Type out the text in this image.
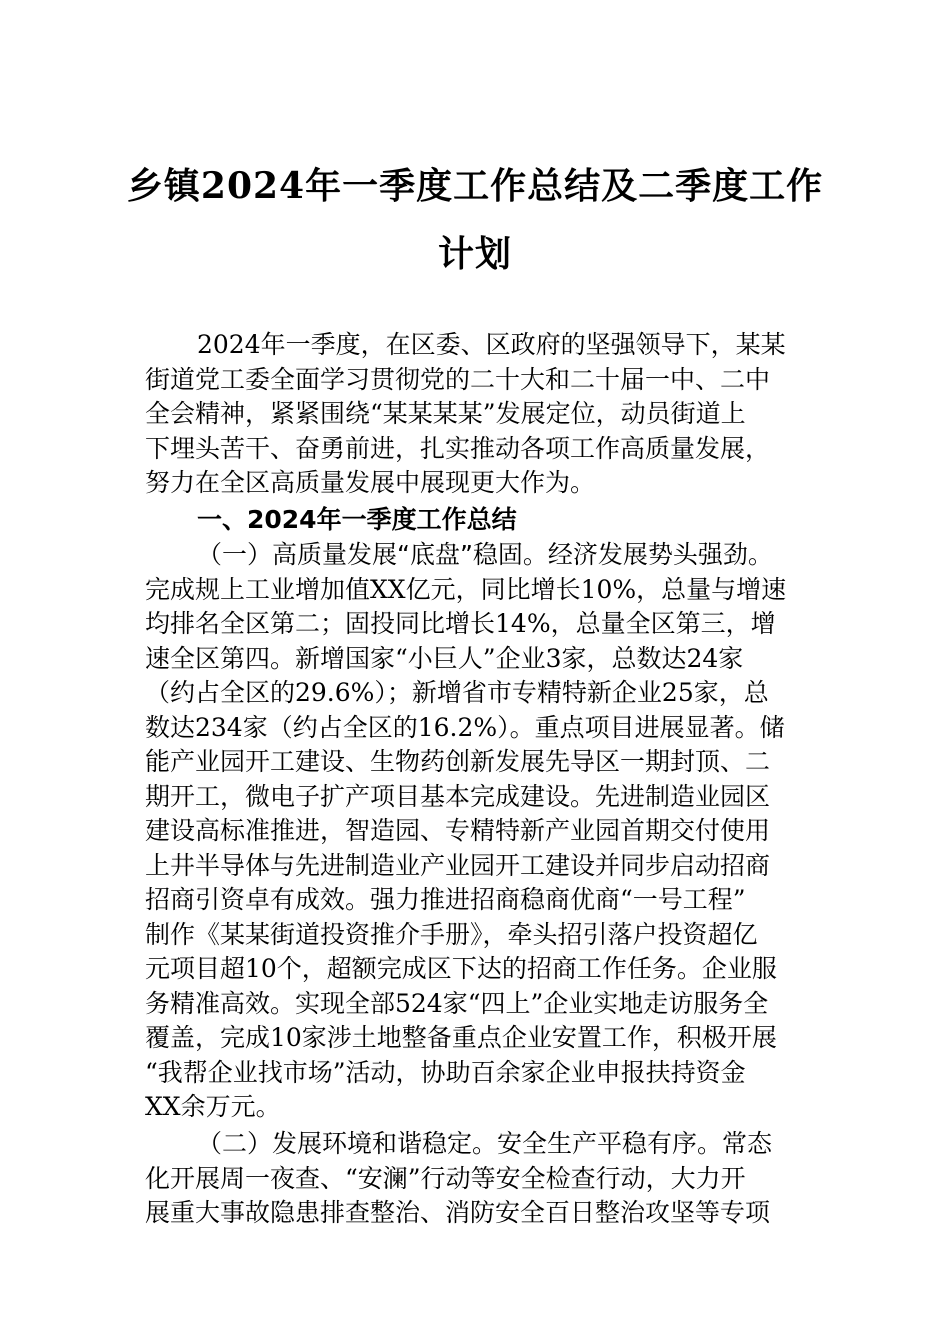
乡镇2024年一季度工作总结及二季度工作
计划
2024年一季度，在区委、区政府的坚强领导下，某某
街道党工委全面学习贯彻党的二十大和二十届一中、二中
全会精神，紧紧围绕“某某某某”发展定位，动员街道上
下埋头苦干、奋勇前进，扎实推动各项工作高质量发展，
努力在全区高质量发展中展现更大作为。
一、2024年一季度工作总结
（一）高质量发展“底盘”稳固。经济发展势头强劲。
完成规上工业增加值XX亿元，同比增长10%，总量与增速
均排名全区第二；固投同比增长14%，总量全区第三，增
速全区第四。新增国家“小巨人”企业3家，总数达24家
（约占全区的29.6%）；新增省市专精特新企业25家，总
数达234家（约占全区的16.2%）。重点项目进展显著。储
能产业园开工建设、生物药创新发展先导区一期封顶、二
期开工，微电子扩产项目基本完成建设。先进制造业园区
建设高标准推进，智造园、专精特新产业园首期交付使用
上井半导体与先进制造业产业园开工建设并同步启动招商
招商引资卓有成效。强力推进招商稳商优商“一号工程”
制作《某某街道投资推介手册》，牵头招引落户投资超亿
元项目超10个，超额完成区下达的招商工作任务。企业服
务精准高效。实现全部524家“四上”企业实地走访服务全
覆盖，完成10家涉土地整备重点企业安置工作，积极开展
“我帮企业找市场”活动，协助百余家企业申报扶持资金
XX余万元。
（二）发展环境和谐稳定。安全生产平稳有序。常态
化开展周一夜查、“安澜”行动等安全检查行动，大力开
展重大事故隐患排查整治、消防安全百日整治攻坚等专项
